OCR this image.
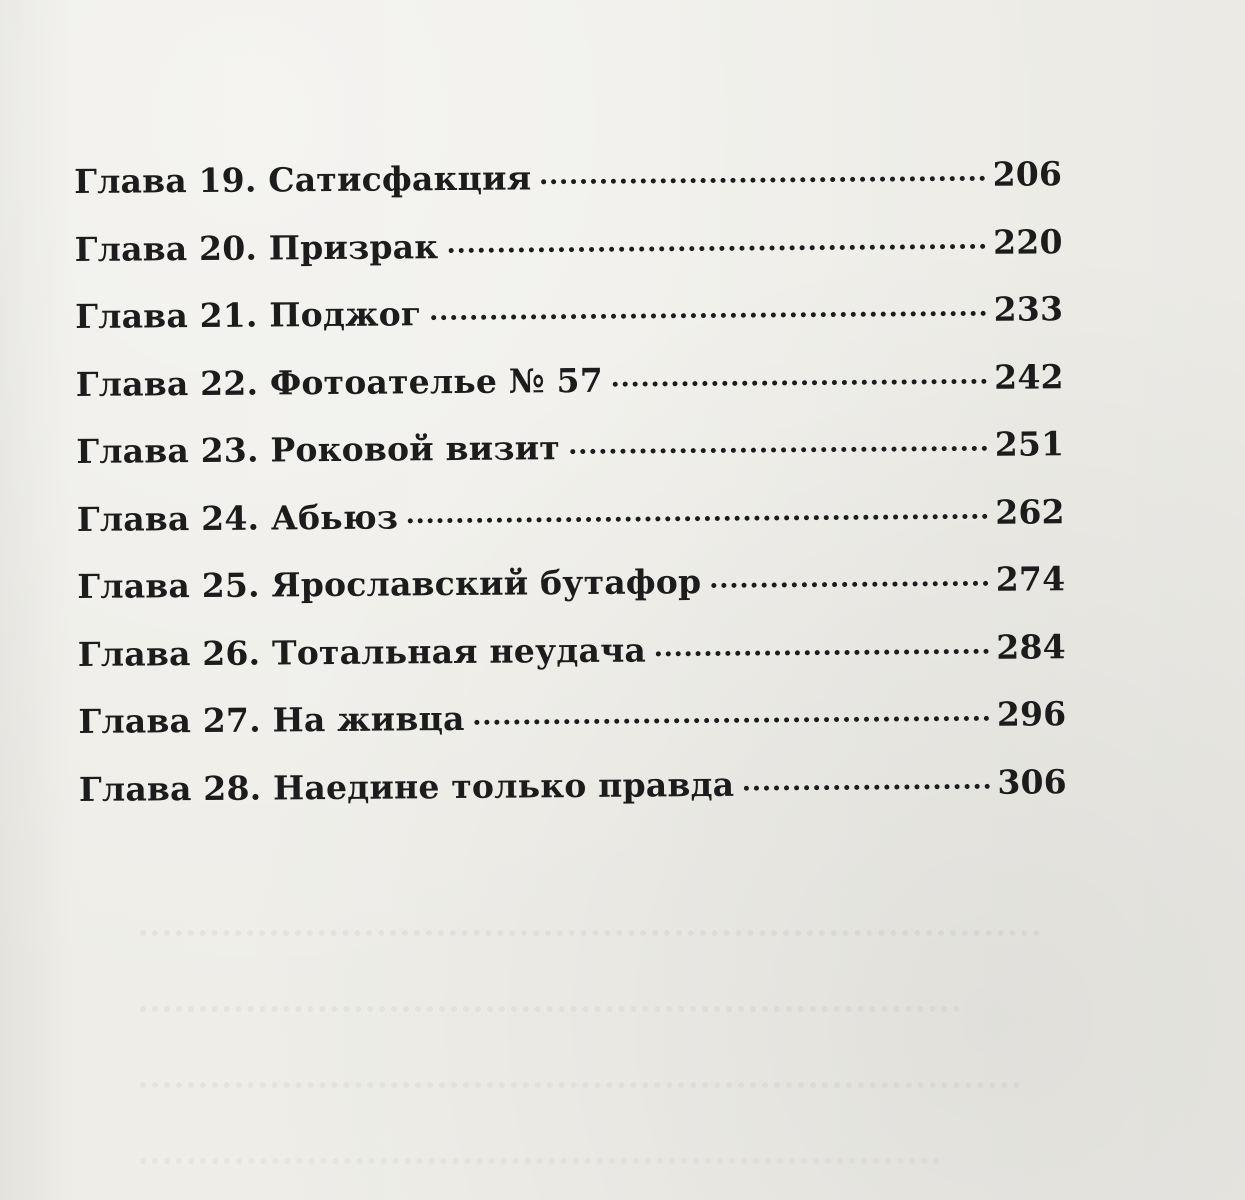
Глава 19. Сатисфакция	206
Глава 20. Призрак	220
Глава 21. Поджог	233
Глава 22. Фотоателье № 57	242
Глава 23. Роковой визит	251
Глава 24. Абьюз	262
Глава 25. Ярославский бутафор	274
Глава 26. Тотальная неудача	284
Глава 27. На живца	296
Глава 28. Наедине только правда	306
